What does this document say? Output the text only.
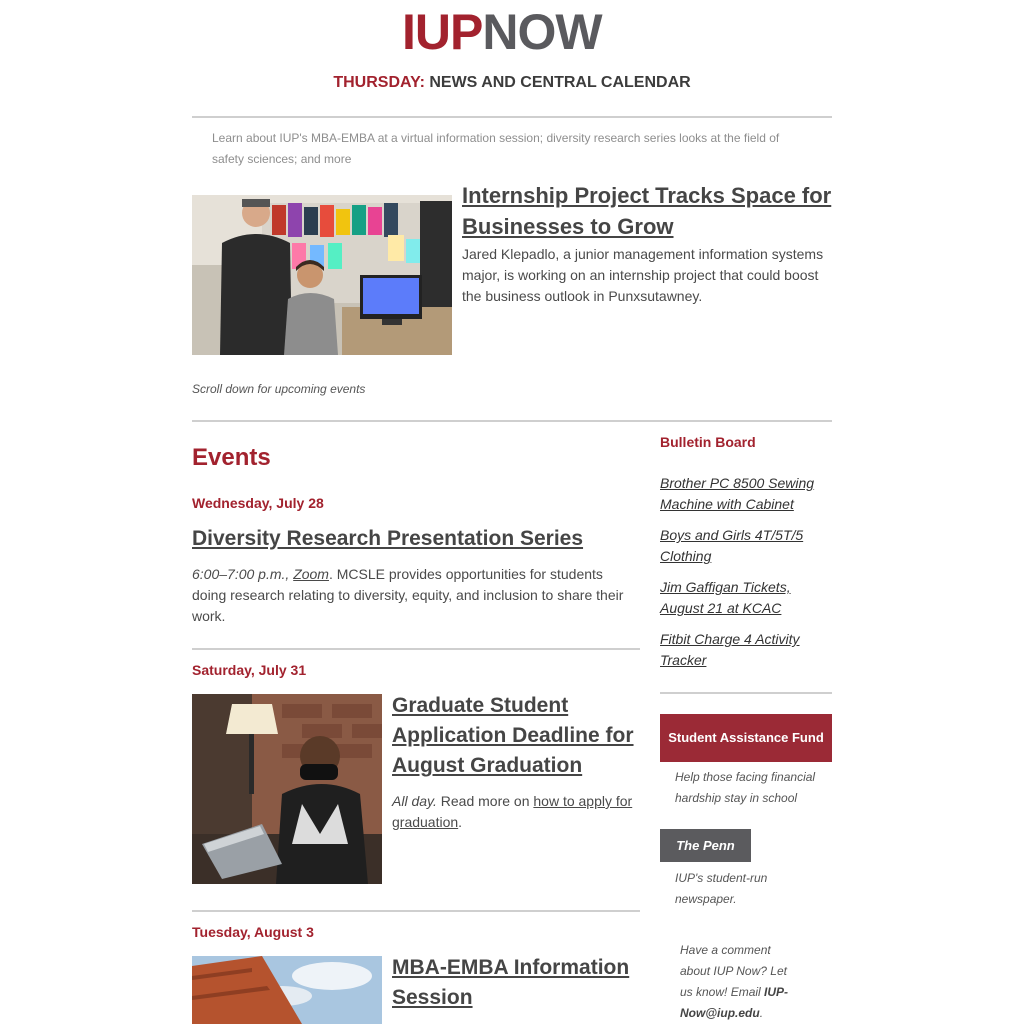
IUPNOW
THURSDAY: NEWS AND CENTRAL CALENDAR
Learn about IUP's MBA-EMBA at a virtual information session; diversity research series looks at the field of safety sciences; and more
Internship Project Tracks Space for Businesses to Grow
Jared Klepadlo, a junior management information systems major, is working on an internship project that could boost the business outlook in Punxsutawney.
Scroll down for upcoming events
Events
Wednesday, July 28
Diversity Research Presentation Series
6:00–7:00 p.m., Zoom. MCSLE provides opportunities for students doing research relating to diversity, equity, and inclusion to share their work.
Saturday, July 31
Graduate Student Application Deadline for August Graduation
All day. Read more on how to apply for graduation.
Tuesday, August 3
MBA-EMBA Information Session
Bulletin Board
Brother PC 8500 Sewing Machine with Cabinet
Boys and Girls 4T/5T/5 Clothing
Jim Gaffigan Tickets, August 21 at KCAC
Fitbit Charge 4 Activity Tracker
Student Assistance Fund
Help those facing financial hardship stay in school
The Penn
IUP's student-run newspaper.
Have a comment about IUP Now? Let us know! Email IUP-Now@iup.edu.
